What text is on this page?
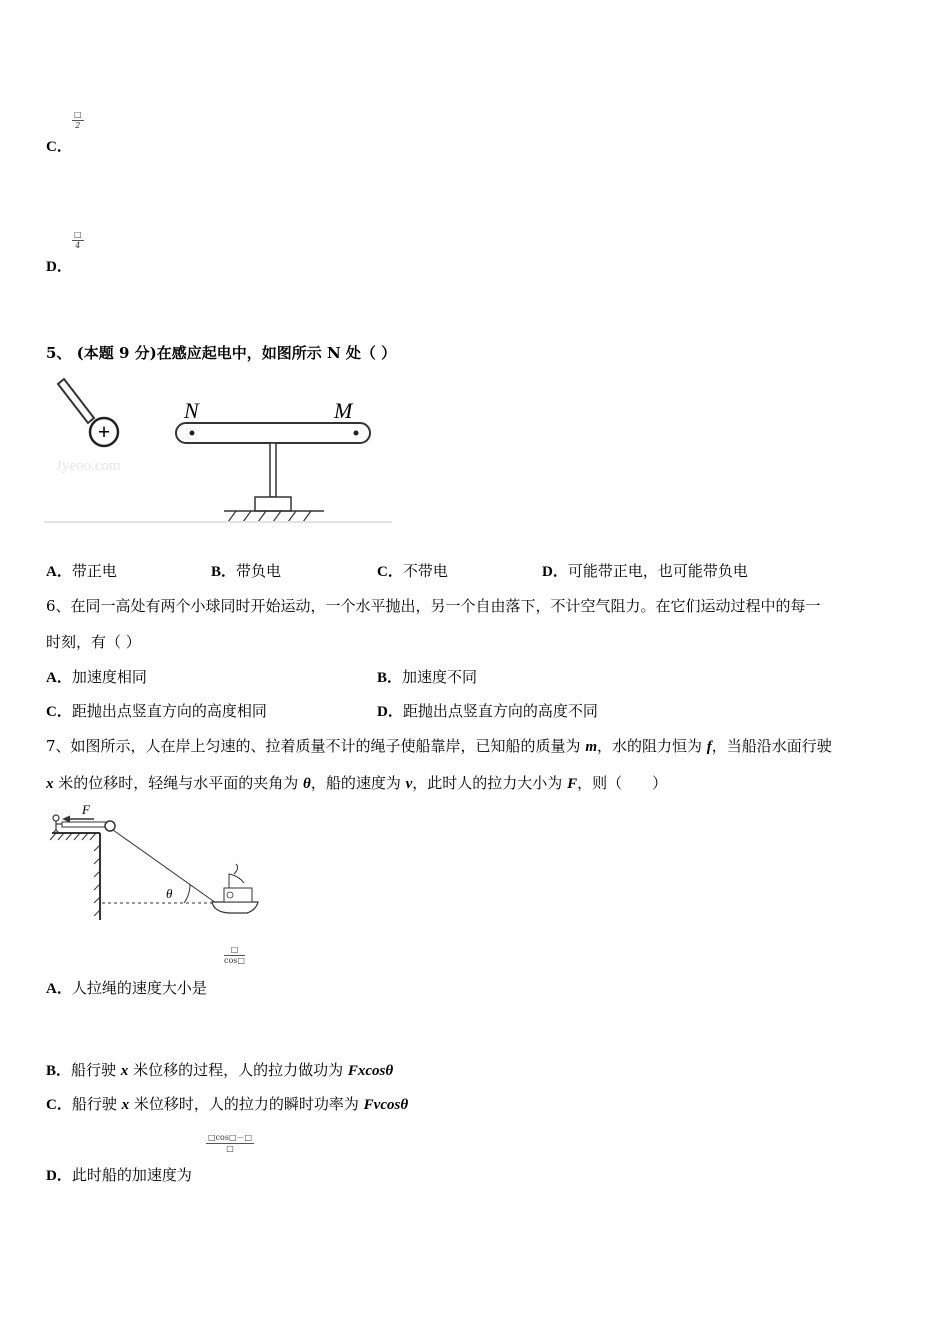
□
2
C．
□
4
D．
5、 (本题 9 分)在感应起电中，如图所示 N 处（ ）
+
Jyeoo.com
N	M
A．带正电	B．带负电	C．不带电	D．可能带正电，也可能带负电
6、在同一高处有两个小球同时开始运动，一个水平抛出，另一个自由落下，不计空气阻力。在它们运动过程中的每一
时刻，有（ ）
A．加速度相同	B．加速度不同
C．距抛出点竖直方向的高度相同	D．距抛出点竖直方向的高度不同
7、如图所示，人在岸上匀速的、拉着质量不计的绳子使船靠岸，已知船的质量为 m，水的阻力恒为 f，当船沿水面行驶
x 米的位移时，轻绳与水平面的夹角为 θ，船的速度为 v，此时人的拉力大小为 F，则（　　）
F
θ
□
cos□
A．人拉绳的速度大小是
B．船行驶 x 米位移的过程，人的拉力做功为 Fxcosθ
C．船行驶 x 米位移时，人的拉力的瞬时功率为 Fvcosθ
□cos□－□
□
D．此时船的加速度为
